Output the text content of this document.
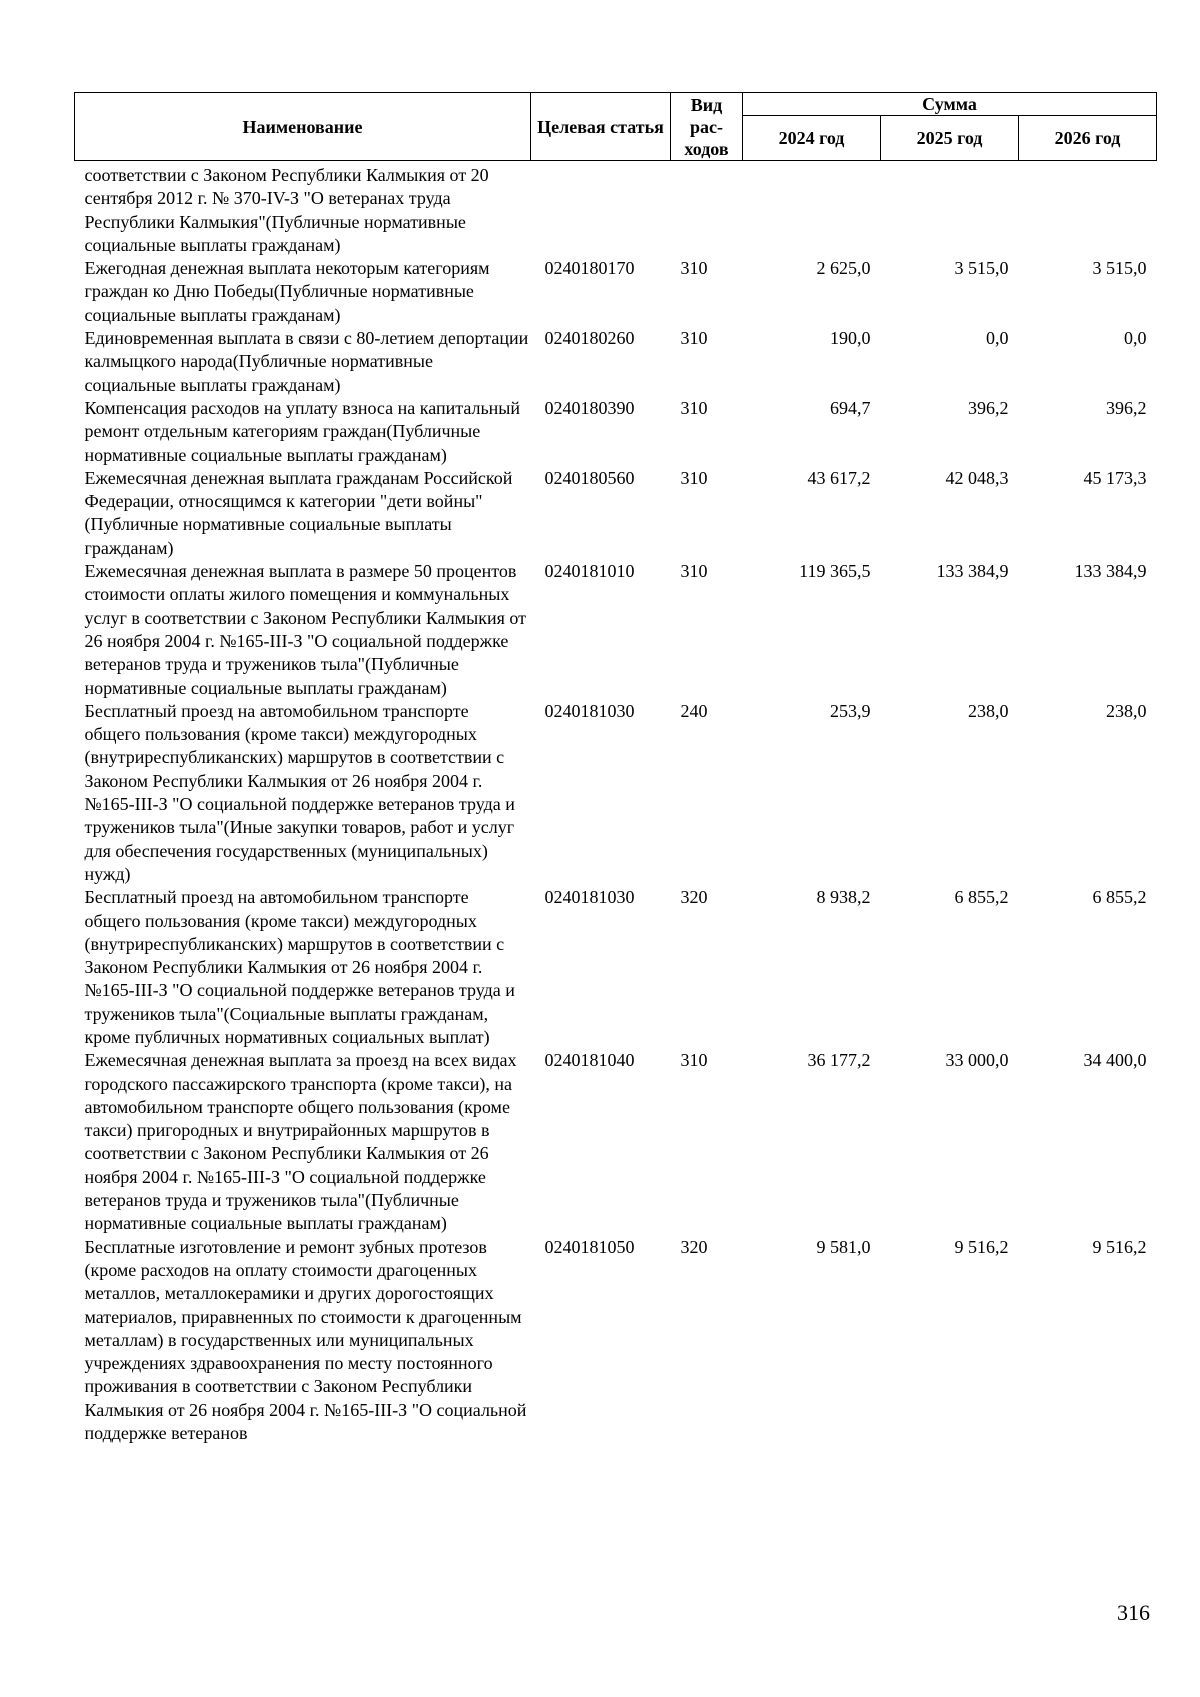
Наименование	Целевая статья	Вид рас- ходов	Сумма		
			2024 год	2025 год	2026 год
соответствии с Законом Республики Калмыкия от 20 сентября 2012 г. № 370-IV-З "О ветеранах труда Республики Калмыкия"(Публичные нормативные социальные выплаты гражданам)					
Ежегодная денежная выплата некоторым категориям граждан ко Дню Победы(Публичные нормативные социальные выплаты гражданам)	0240180170	310	2 625,0	3 515,0	3 515,0
Единовременная выплата в связи с 80-летием депортации калмыцкого народа(Публичные нормативные социальные выплаты гражданам)	0240180260	310	190,0	0,0	0,0
Компенсация расходов на уплату взноса на капитальный ремонт отдельным категориям граждан(Публичные нормативные социальные выплаты гражданам)	0240180390	310	694,7	396,2	396,2
Ежемесячная денежная выплата гражданам Российской Федерации, относящимся к категории "дети войны"(Публичные нормативные социальные выплаты гражданам)	0240180560	310	43 617,2	42 048,3	45 173,3
Ежемесячная денежная выплата в размере 50 процентов стоимости оплаты жилого помещения и коммунальных услуг в соответствии с Законом Республики Калмыкия от 26 ноября 2004 г. №165-III-З "О социальной поддержке ветеранов труда и тружеников тыла"(Публичные нормативные социальные выплаты гражданам)	0240181010	310	119 365,5	133 384,9	133 384,9
Бесплатный проезд на автомобильном транспорте общего пользования (кроме такси) междугородных (внутриреспубликанских) маршрутов в соответствии с Законом Республики Калмыкия от 26 ноября 2004 г. №165-III-З "О социальной поддержке ветеранов труда и тружеников тыла"(Иные закупки товаров, работ и услуг для обеспечения государственных (муниципальных) нужд)	0240181030	240	253,9	238,0	238,0
Бесплатный проезд на автомобильном транспорте общего пользования (кроме такси) междугородных (внутриреспубликанских) маршрутов в соответствии с Законом Республики Калмыкия от 26 ноября 2004 г. №165-III-З "О социальной поддержке ветеранов труда и тружеников тыла"(Социальные выплаты гражданам, кроме публичных нормативных социальных выплат)	0240181030	320	8 938,2	6 855,2	6 855,2
Ежемесячная денежная выплата за проезд на всех видах городского пассажирского транспорта (кроме такси), на автомобильном транспорте общего пользования (кроме такси) пригородных и внутрирайонных маршрутов в соответствии с Законом Республики Калмыкия от 26 ноября 2004 г. №165-III-З "О социальной поддержке ветеранов труда и тружеников тыла"(Публичные нормативные социальные выплаты гражданам)	0240181040	310	36 177,2	33 000,0	34 400,0
Бесплатные изготовление и ремонт зубных протезов (кроме расходов на оплату стоимости драгоценных металлов, металлокерамики и других дорогостоящих материалов, приравненных по стоимости к драгоценным металлам) в государственных или муниципальных учреждениях здравоохранения по месту постоянного проживания в соответствии с Законом Республики Калмыкия от 26 ноября 2004 г. №165-III-З "О социальной поддержке ветеранов	0240181050	320	9 581,0	9 516,2	9 516,2
316
